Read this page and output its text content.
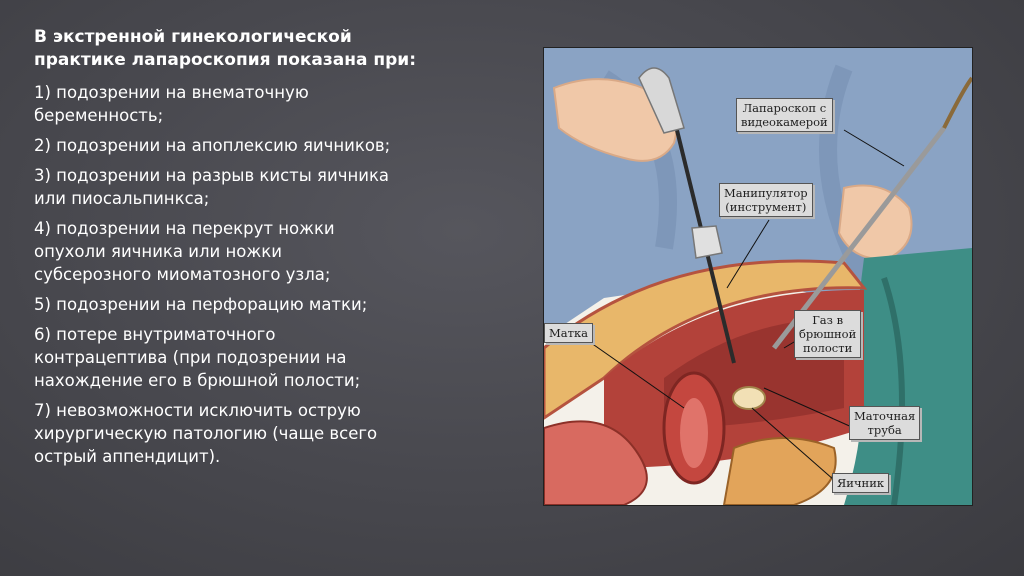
В экстренной гинекологической
практике лапароскопия показана при:
1) подозрении на внематочную
беременность;
2) подозрении на апоплексию яичников;
3) подозрении на разрыв кисты яичника
или пиосальпинкса;
4) подозрении на перекрут ножки
опухоли яичника или ножки
субсерозного миоматозного узла;
5) подозрении на перфорацию матки;
6) потере внутриматочного
контрацептива (при подозрении на
нахождение его в брюшной полости;
7) невозможности исключить острую
хирургическую патологию (чаще всего
острый аппендицит).
Лапароскоп с
видеокамерой
Манипулятор
(инструмент)
Матка
Газ в
брюшной
полости
Маточная
труба
Яичник
